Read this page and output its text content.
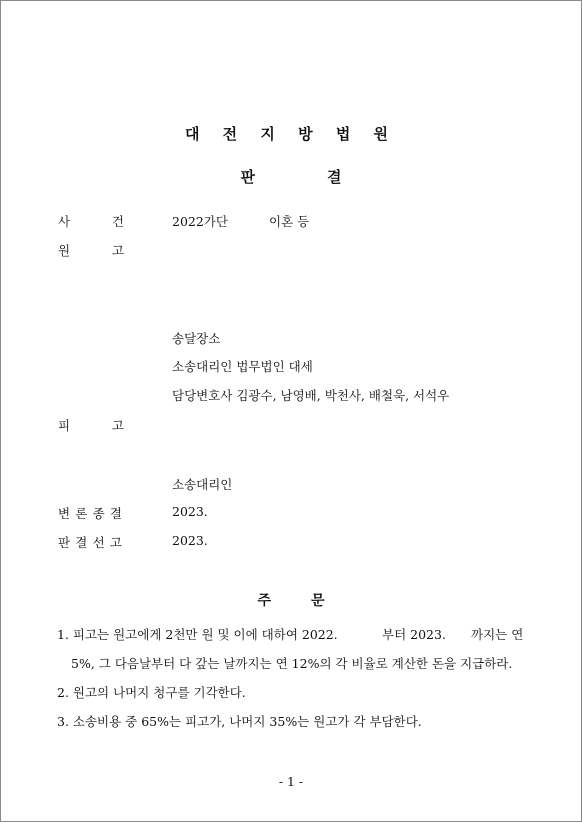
대 전 지 방 법 원
판	결
사	건	2022가단	이혼 등
원	고
송달장소
소송대리인 법무법인 대세
담당변호사 김광수, 남영배, 박천사, 배철욱, 서석우
피	고
소송대리인
변 론 종 결	2023.
판 결 선 고	2023.
주	문
1. 피고는 원고에게 2천만 원 및 이에 대하여 2022.	부터 2023. 까지는 연
5%, 그 다음날부터 다 갚는 날까지는 연 12%의 각 비율로 계산한 돈을 지급하라.
2. 원고의 나머지 청구를 기각한다.
3. 소송비용 중 65%는 피고가, 나머지 35%는 원고가 각 부담한다.
- 1 -
